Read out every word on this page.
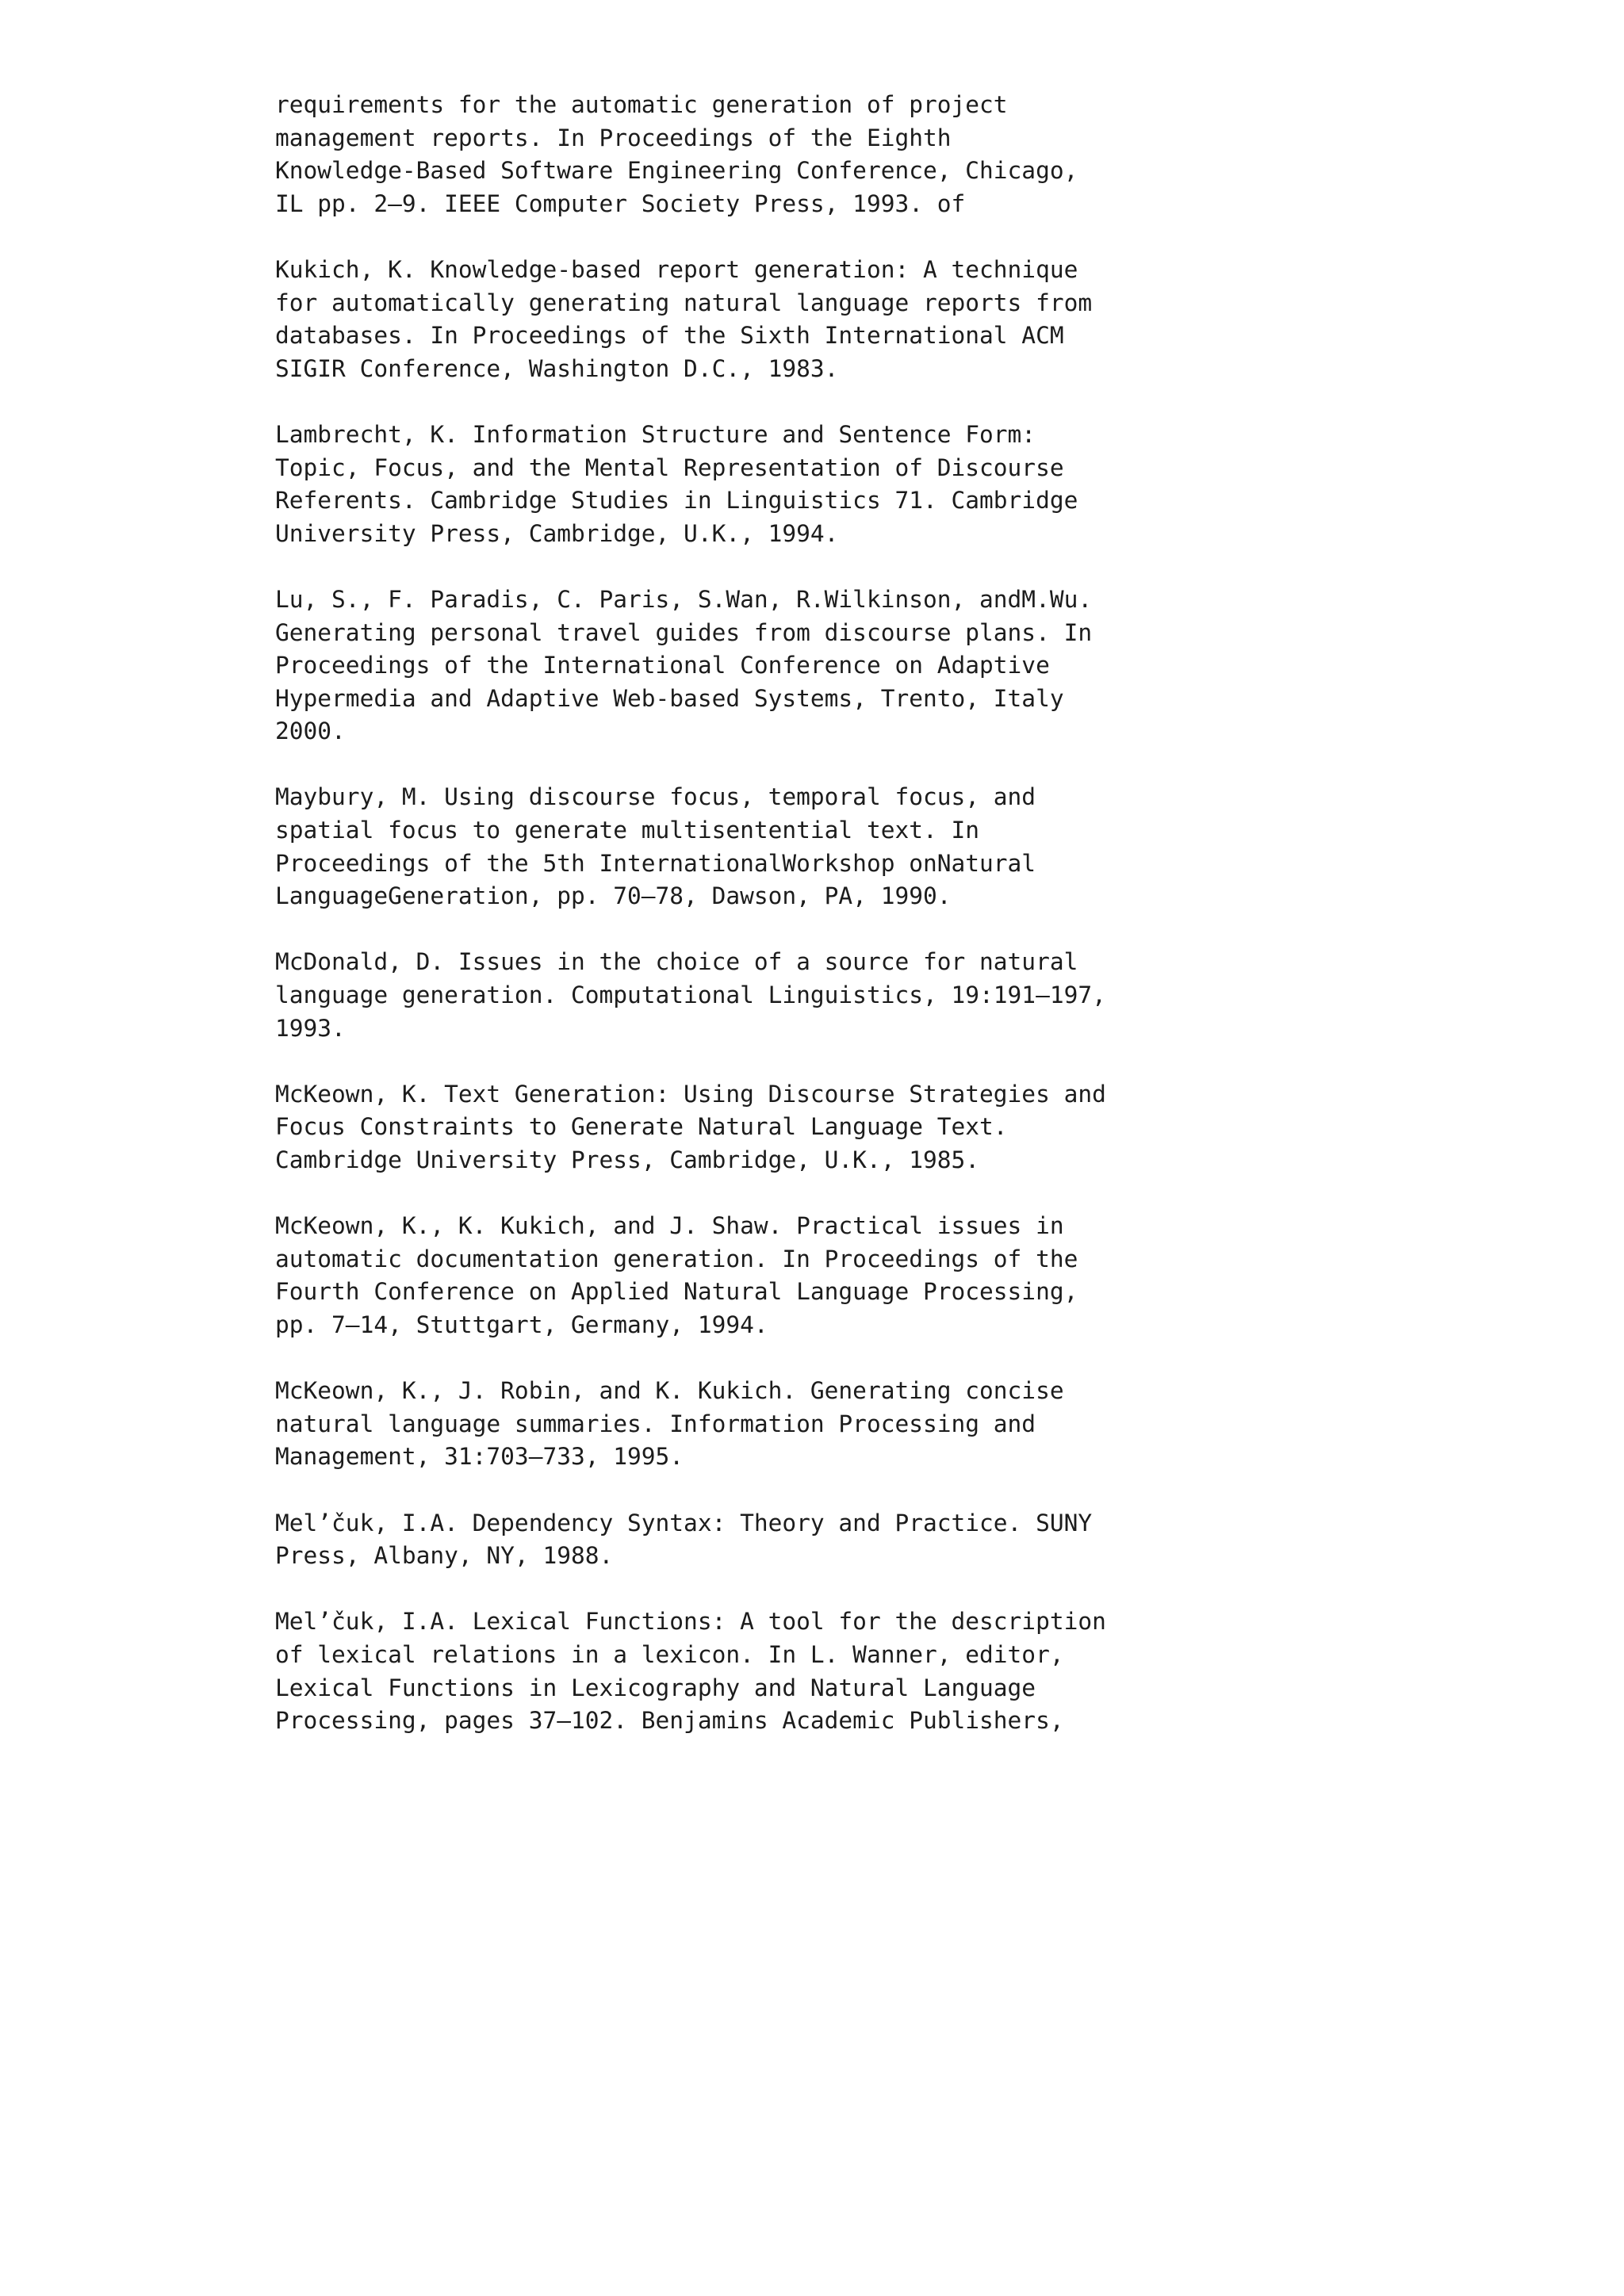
requirements for the automatic generation of project
management reports. In Proceedings of the Eighth
Knowledge-Based Software Engineering Conference, Chicago,
IL pp. 2–9. IEEE Computer Society Press, 1993. of
Kukich, K. Knowledge-based report generation: A technique
for automatically generating natural language reports from
databases. In Proceedings of the Sixth International ACM
SIGIR Conference, Washington D.C., 1983.
Lambrecht, K. Information Structure and Sentence Form:
Topic, Focus, and the Mental Representation of Discourse
Referents. Cambridge Studies in Linguistics 71. Cambridge
University Press, Cambridge, U.K., 1994.
Lu, S., F. Paradis, C. Paris, S.Wan, R.Wilkinson, andM.Wu.
Generating personal travel guides from discourse plans. In
Proceedings of the International Conference on Adaptive
Hypermedia and Adaptive Web-based Systems, Trento, Italy
2000.
Maybury, M. Using discourse focus, temporal focus, and
spatial focus to generate multisentential text. In
Proceedings of the 5th InternationalWorkshop onNatural
LanguageGeneration, pp. 70–78, Dawson, PA, 1990.
McDonald, D. Issues in the choice of a source for natural
language generation. Computational Linguistics, 19:191–197,
1993.
McKeown, K. Text Generation: Using Discourse Strategies and
Focus Constraints to Generate Natural Language Text.
Cambridge University Press, Cambridge, U.K., 1985.
McKeown, K., K. Kukich, and J. Shaw. Practical issues in
automatic documentation generation. In Proceedings of the
Fourth Conference on Applied Natural Language Processing,
pp. 7–14, Stuttgart, Germany, 1994.
McKeown, K., J. Robin, and K. Kukich. Generating concise
natural language summaries. Information Processing and
Management, 31:703–733, 1995.
Mel’čuk, I.A. Dependency Syntax: Theory and Practice. SUNY
Press, Albany, NY, 1988.
Mel’čuk, I.A. Lexical Functions: A tool for the description
of lexical relations in a lexicon. In L. Wanner, editor,
Lexical Functions in Lexicography and Natural Language
Processing, pages 37–102. Benjamins Academic Publishers,
